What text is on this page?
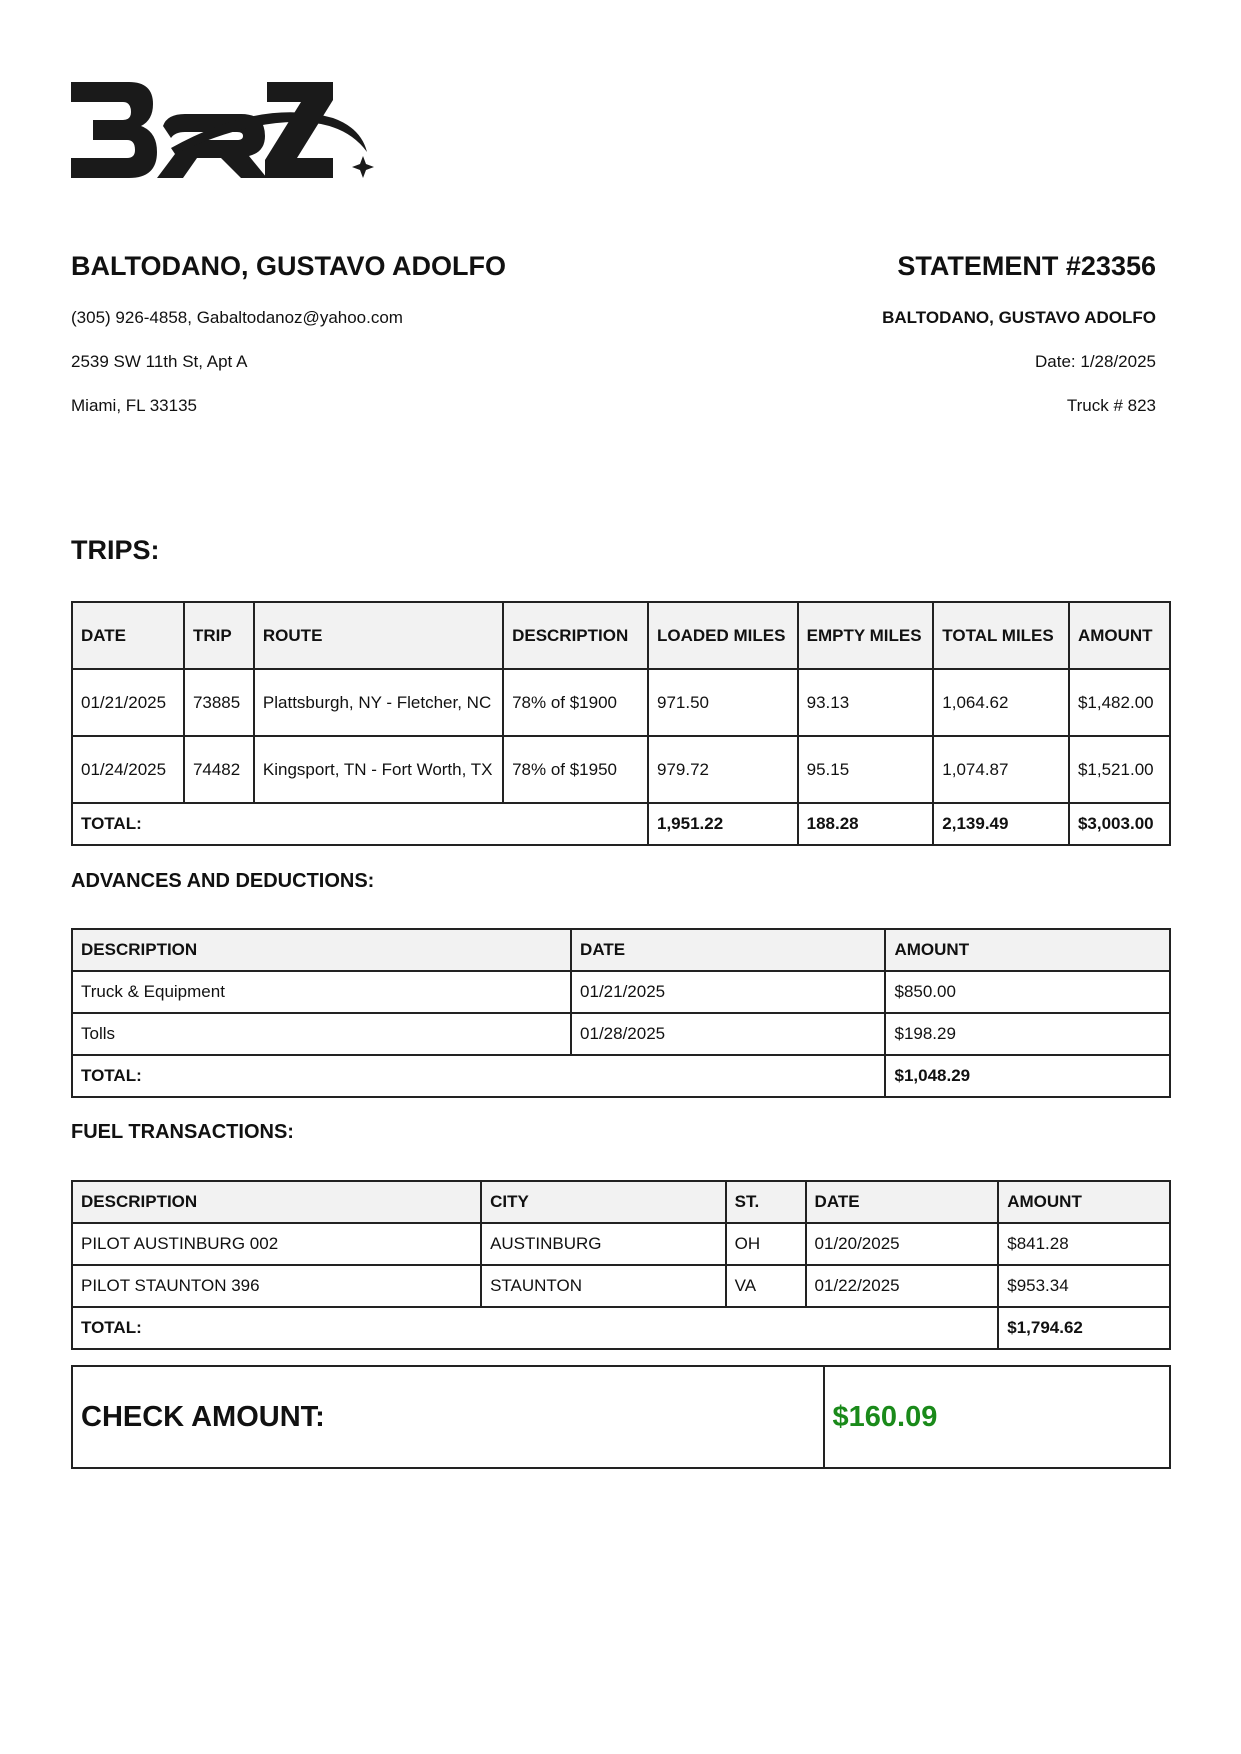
BALTODANO, GUSTAVO ADOLFO

(305) 926-4858, Gabaltodanoz@yahoo.com

2539 SW 11th St, Apt A

Miami, FL 33135

STATEMENT #23356

BALTODANO, GUSTAVO ADOLFO

Date: 1/28/2025

Truck # 823

TRIPS:
DATE	TRIP	ROUTE	DESCRIPTION	LOADED MILES	EMPTY MILES	TOTAL MILES	AMOUNT
01/21/2025	73885	Plattsburgh, NY - Fletcher, NC	78% of $1900	971.50	93.13	1,064.62	$1,482.00
01/24/2025	74482	Kingsport, TN - Fort Worth, TX	78% of $1950	979.72	95.15	1,074.87	$1,521.00
TOTAL:				1,951.22	188.28	2,139.49	$3,003.00
ADVANCES AND DEDUCTIONS:
DESCRIPTION	DATE	AMOUNT
Truck & Equipment	01/21/2025	$850.00
Tolls	01/28/2025	$198.29
TOTAL:		$1,048.29
FUEL TRANSACTIONS:
DESCRIPTION	CITY	ST.	DATE	AMOUNT
PILOT AUSTINBURG 002	AUSTINBURG	OH	01/20/2025	$841.28
PILOT STAUNTON 396	STAUNTON	VA	01/22/2025	$953.34
TOTAL:				$1,794.62
CHECK AMOUNT:	$160.09
